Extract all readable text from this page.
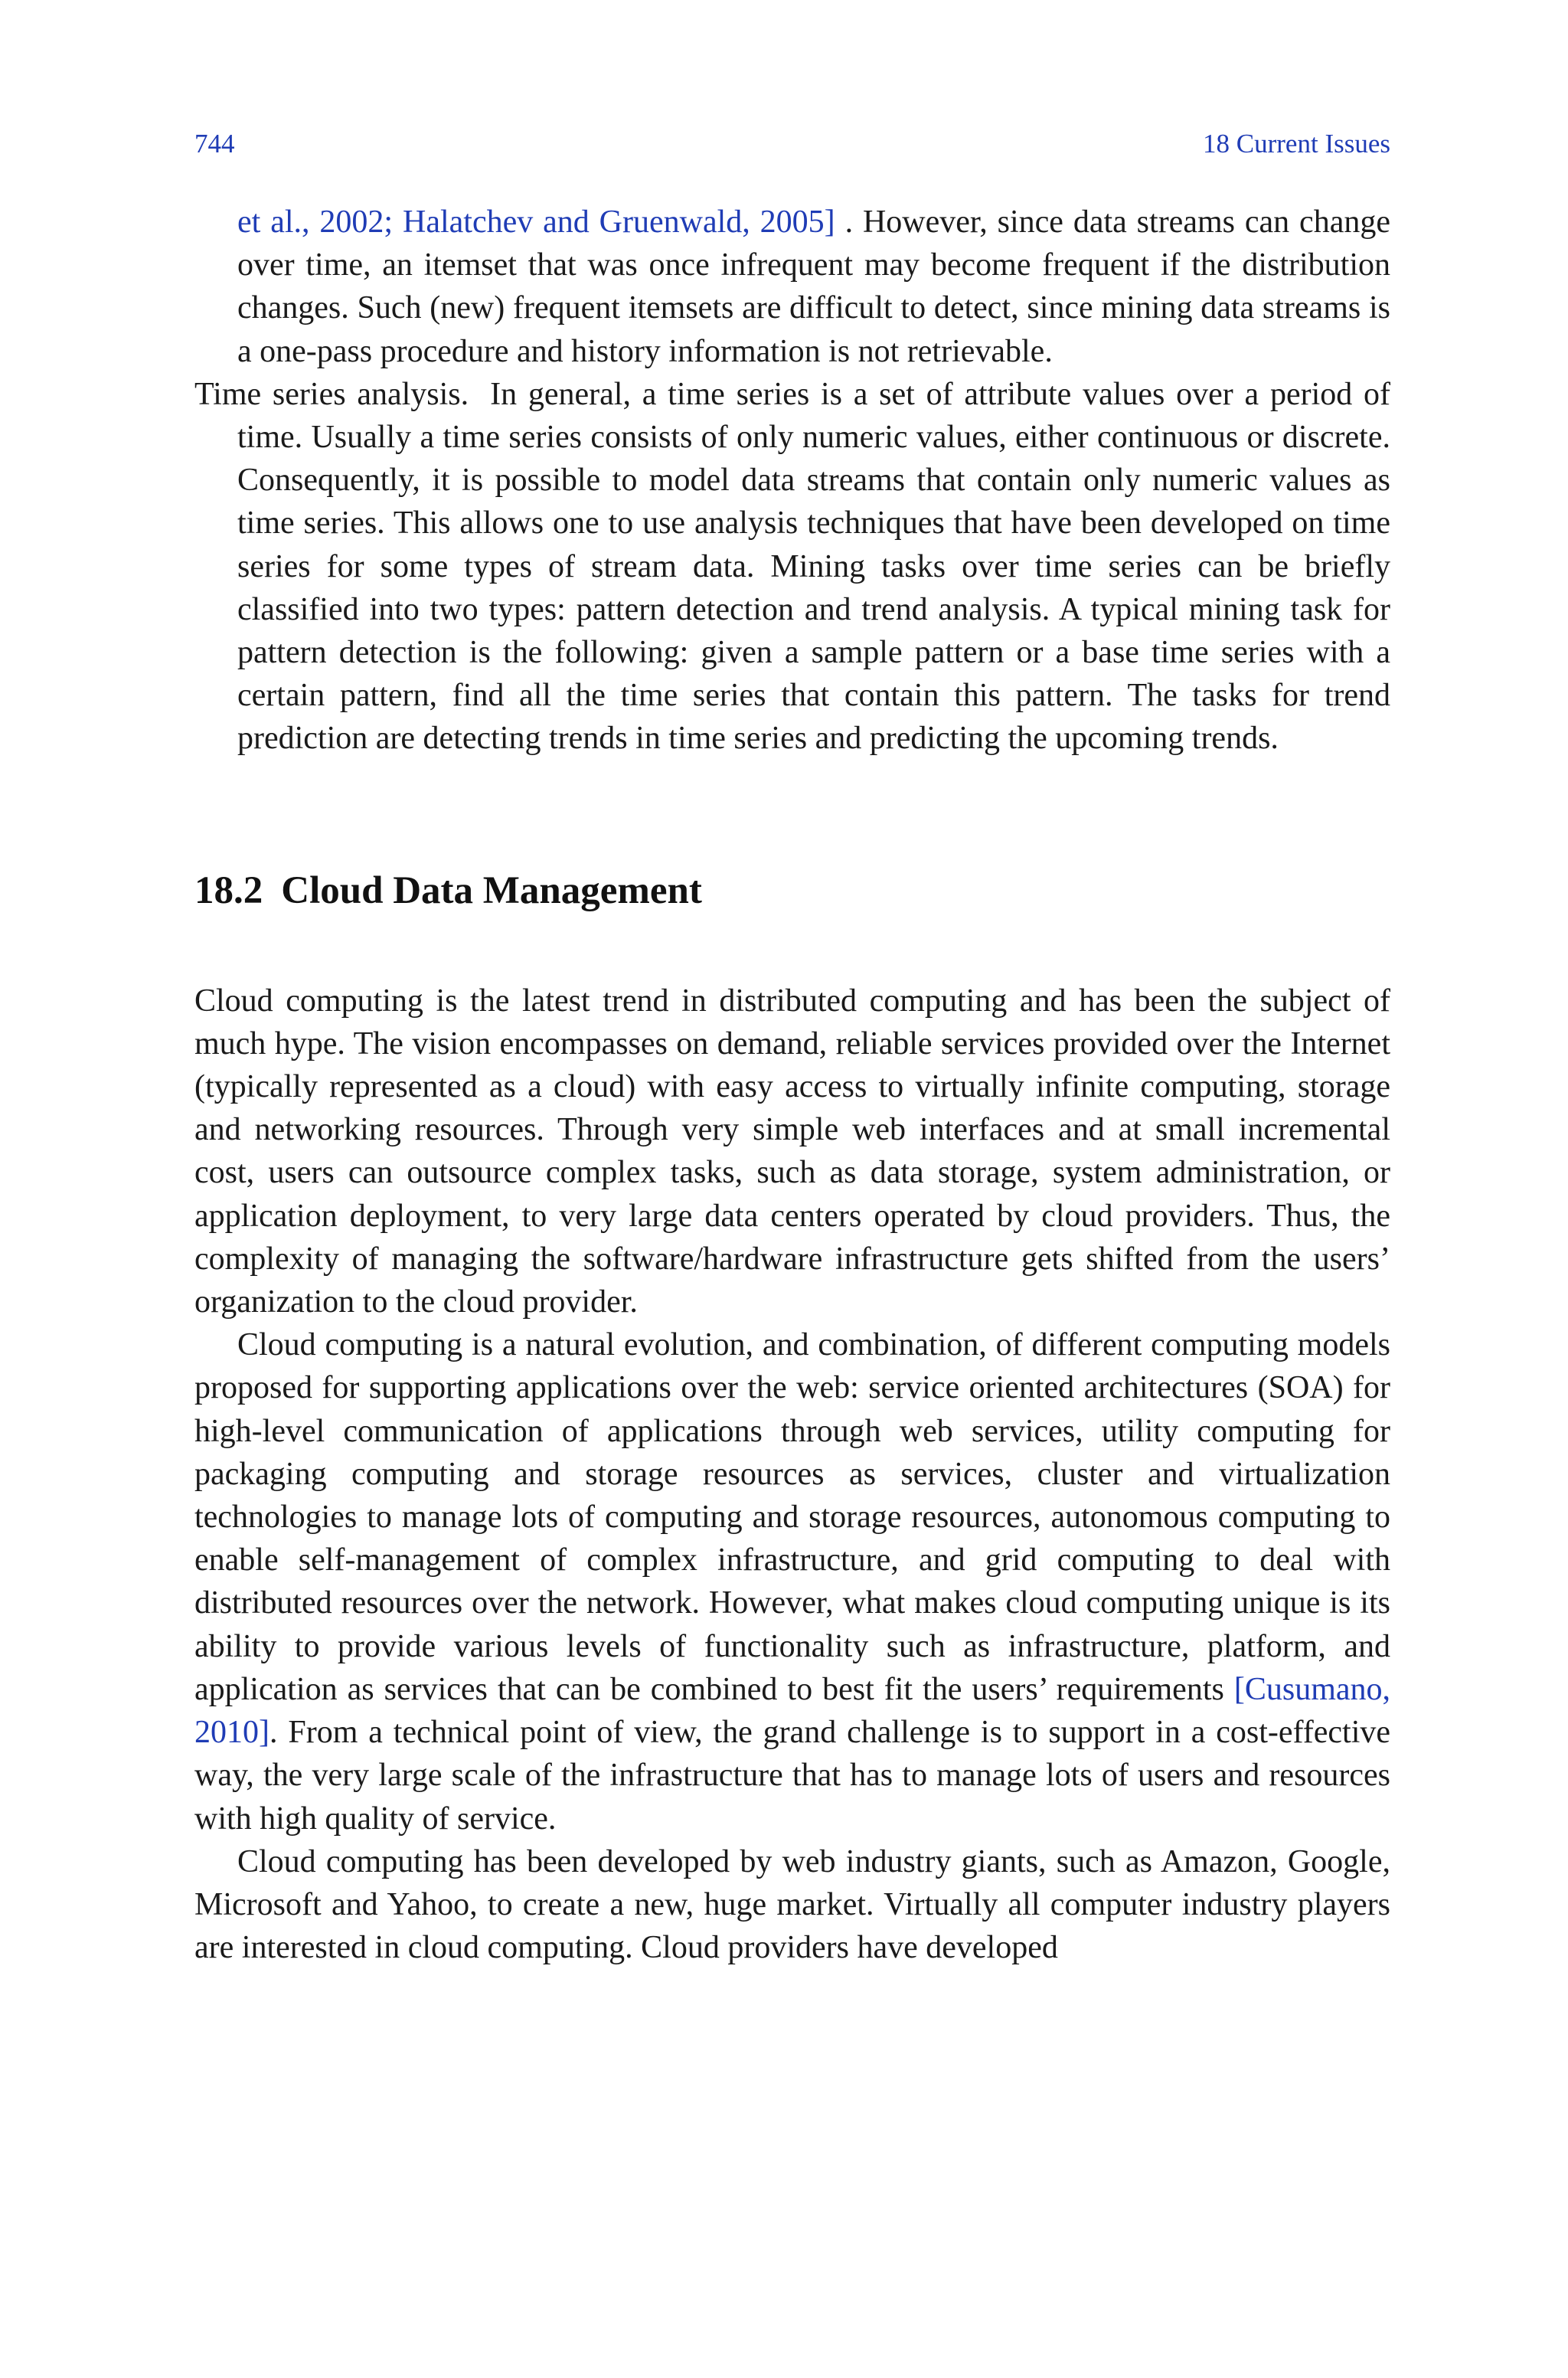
744	18 Current Issues

et al., 2002; Halatchev and Gruenwald, 2005] . However, since data streams can change over time, an itemset that was once infrequent may become frequent if the distribution changes. Such (new) frequent itemsets are difficult to detect, since mining data streams is a one-pass procedure and history information is not retrievable.

Time series analysis. In general, a time series is a set of attribute values over a period of time. Usually a time series consists of only numeric values, either continuous or discrete. Consequently, it is possible to model data streams that contain only numeric values as time series. This allows one to use analysis techniques that have been developed on time series for some types of stream data. Mining tasks over time series can be briefly classified into two types: pattern detection and trend analysis. A typical mining task for pattern detection is the following: given a sample pattern or a base time series with a certain pattern, find all the time series that contain this pattern. The tasks for trend prediction are detecting trends in time series and predicting the upcoming trends.

18.2 Cloud Data Management

Cloud computing is the latest trend in distributed computing and has been the subject of much hype. The vision encompasses on demand, reliable services provided over the Internet (typically represented as a cloud) with easy access to virtually infinite computing, storage and networking resources. Through very simple web interfaces and at small incremental cost, users can outsource complex tasks, such as data storage, system administration, or application deployment, to very large data centers operated by cloud providers. Thus, the complexity of managing the software/hardware infrastructure gets shifted from the users’ organization to the cloud provider.

Cloud computing is a natural evolution, and combination, of different computing models proposed for supporting applications over the web: service oriented architectures (SOA) for high-level communication of applications through web services, utility computing for packaging computing and storage resources as services, cluster and virtualization technologies to manage lots of computing and storage resources, autonomous computing to enable self-management of complex infrastructure, and grid computing to deal with distributed resources over the network. However, what makes cloud computing unique is its ability to provide various levels of functionality such as infrastructure, platform, and application as services that can be combined to best fit the users’ requirements [Cusumano, 2010]. From a technical point of view, the grand challenge is to support in a cost-effective way, the very large scale of the infrastructure that has to manage lots of users and resources with high quality of service.

Cloud computing has been developed by web industry giants, such as Amazon, Google, Microsoft and Yahoo, to create a new, huge market. Virtually all computer industry players are interested in cloud computing. Cloud providers have developed
